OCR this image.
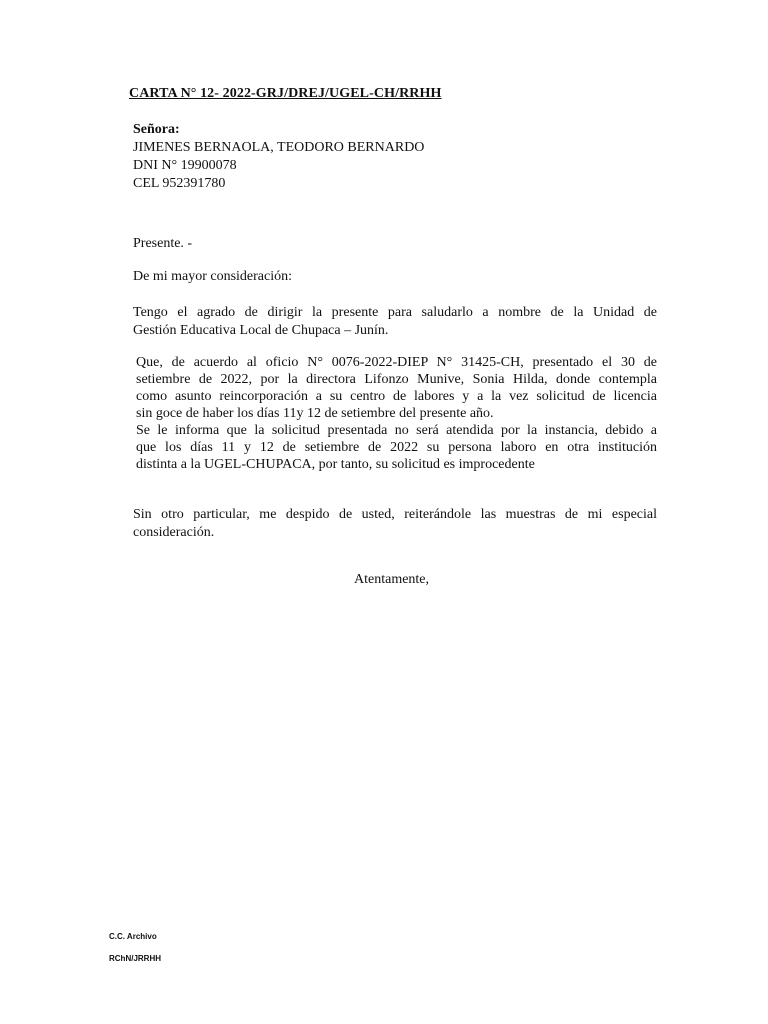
CARTA N° 12- 2022-GRJ/DREJ/UGEL-CH/RRHH
Señora:
JIMENES BERNAOLA, TEODORO BERNARDO
DNI N° 19900078
CEL 952391780
Presente. -
De mi mayor consideración:
Tengo el agrado de dirigir la presente para saludarlo a nombre de la Unidad de
Gestión Educativa Local de Chupaca – Junín.
Que, de acuerdo al oficio N° 0076-2022-DIEP N° 31425-CH, presentado el 30 de
setiembre de 2022, por la directora Lifonzo Munive, Sonia Hilda, donde contempla
como asunto reincorporación a su centro de labores y a la vez solicitud de licencia
sin goce de haber los días 11y 12 de setiembre del presente año.
Se le informa que la solicitud presentada no será atendida por la instancia, debido a
que los días 11 y 12 de setiembre de 2022 su persona laboro en otra institución
distinta a la UGEL-CHUPACA, por tanto, su solicitud es improcedente
Sin otro particular, me despido de usted, reiterándole las muestras de mi especial
consideración.
Atentamente,
C.C. Archivo
RChN/JRRHH
